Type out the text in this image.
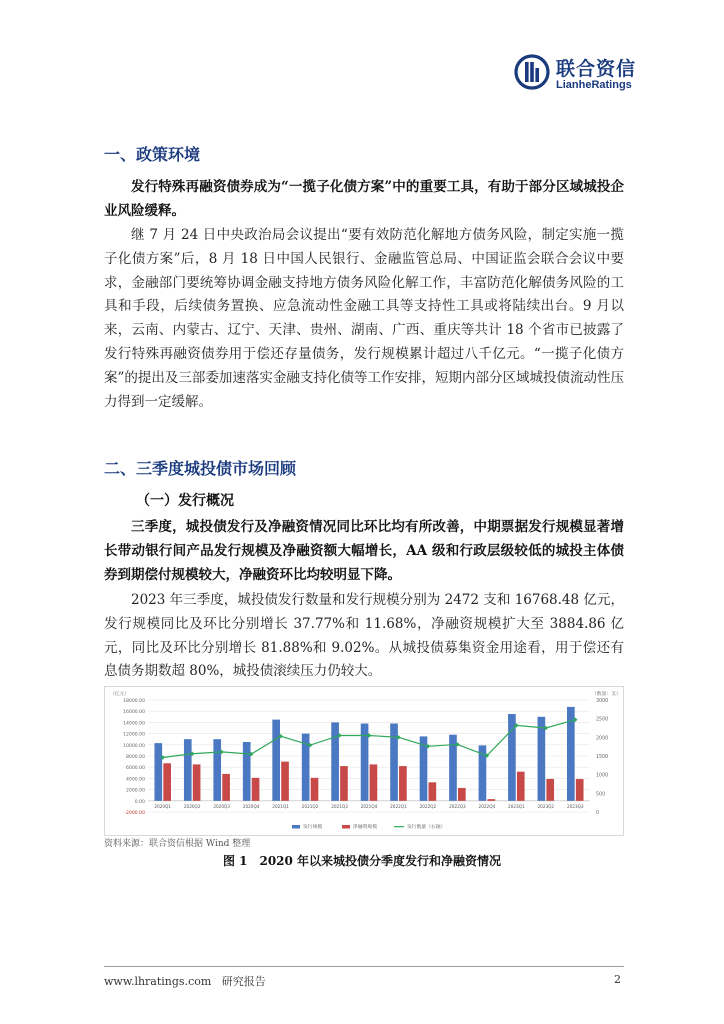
联合资信
LianheRatings
一、政策环境

发行特殊再融资债券成为“一揽子化债方案”中的重要工具，有助于部分区域城投企业风险缓释。

继 7 月 24 日中央政治局会议提出“要有效防范化解地方债务风险，制定实施一揽子化债方案”后，8 月 18 日中国人民银行、金融监管总局、中国证监会联合会议中要求，金融部门要统筹协调金融支持地方债务风险化解工作，丰富防范化解债务风险的工具和手段，后续债务置换、应急流动性金融工具等支持性工具或将陆续出台。9 月以来，云南、内蒙古、辽宁、天津、贵州、湖南、广西、重庆等共计 18 个省市已披露了发行特殊再融资债券用于偿还存量债务，发行规模累计超过八千亿元。“一揽子化债方案”的提出及三部委加速落实金融支持化债等工作安排，短期内部分区域城投债流动性压力得到一定缓解。

二、三季度城投债市场回顾
（一）发行概况

三季度，城投债发行及净融资情况同比环比均有所改善，中期票据发行规模显著增长带动银行间产品发行规模及净融资额大幅增长，AA 级和行政层级较低的城投主体债券到期偿付规模较大，净融资环比均较明显下降。

2023 年三季度，城投债发行数量和发行规模分别为 2472 支和 16768.48 亿元，发行规模同比及环比分别增长 37.77%和 11.68%，净融资规模扩大至 3884.86 亿元，同比及环比分别增长 81.88%和 9.02%。从城投债募集资金用途看，用于偿还有息债务期数超 80%，城投债滚续压力仍较大。

-2000.00
0.00
2000.00
4000.00
6000.00
8000.00
10000.00
12000.00
14000.00
16000.00
18000.00
0
500
1000
1500
2000
2500
3000
（亿元）	（数量：支）
2020Q1	2020Q2	2020Q3	2020Q4	2021Q1	2021Q2	2021Q3	2021Q4	2022Q1	2022Q2	2022Q3	2022Q4	2023Q1	2023Q2	2023Q3
发行规模	净融资规模	发行数量（右轴）
资料来源：联合资信根据 Wind 整理
图 1　2020 年以来城投债分季度发行和净融资情况
www.lhratings.com 研究报告	2
